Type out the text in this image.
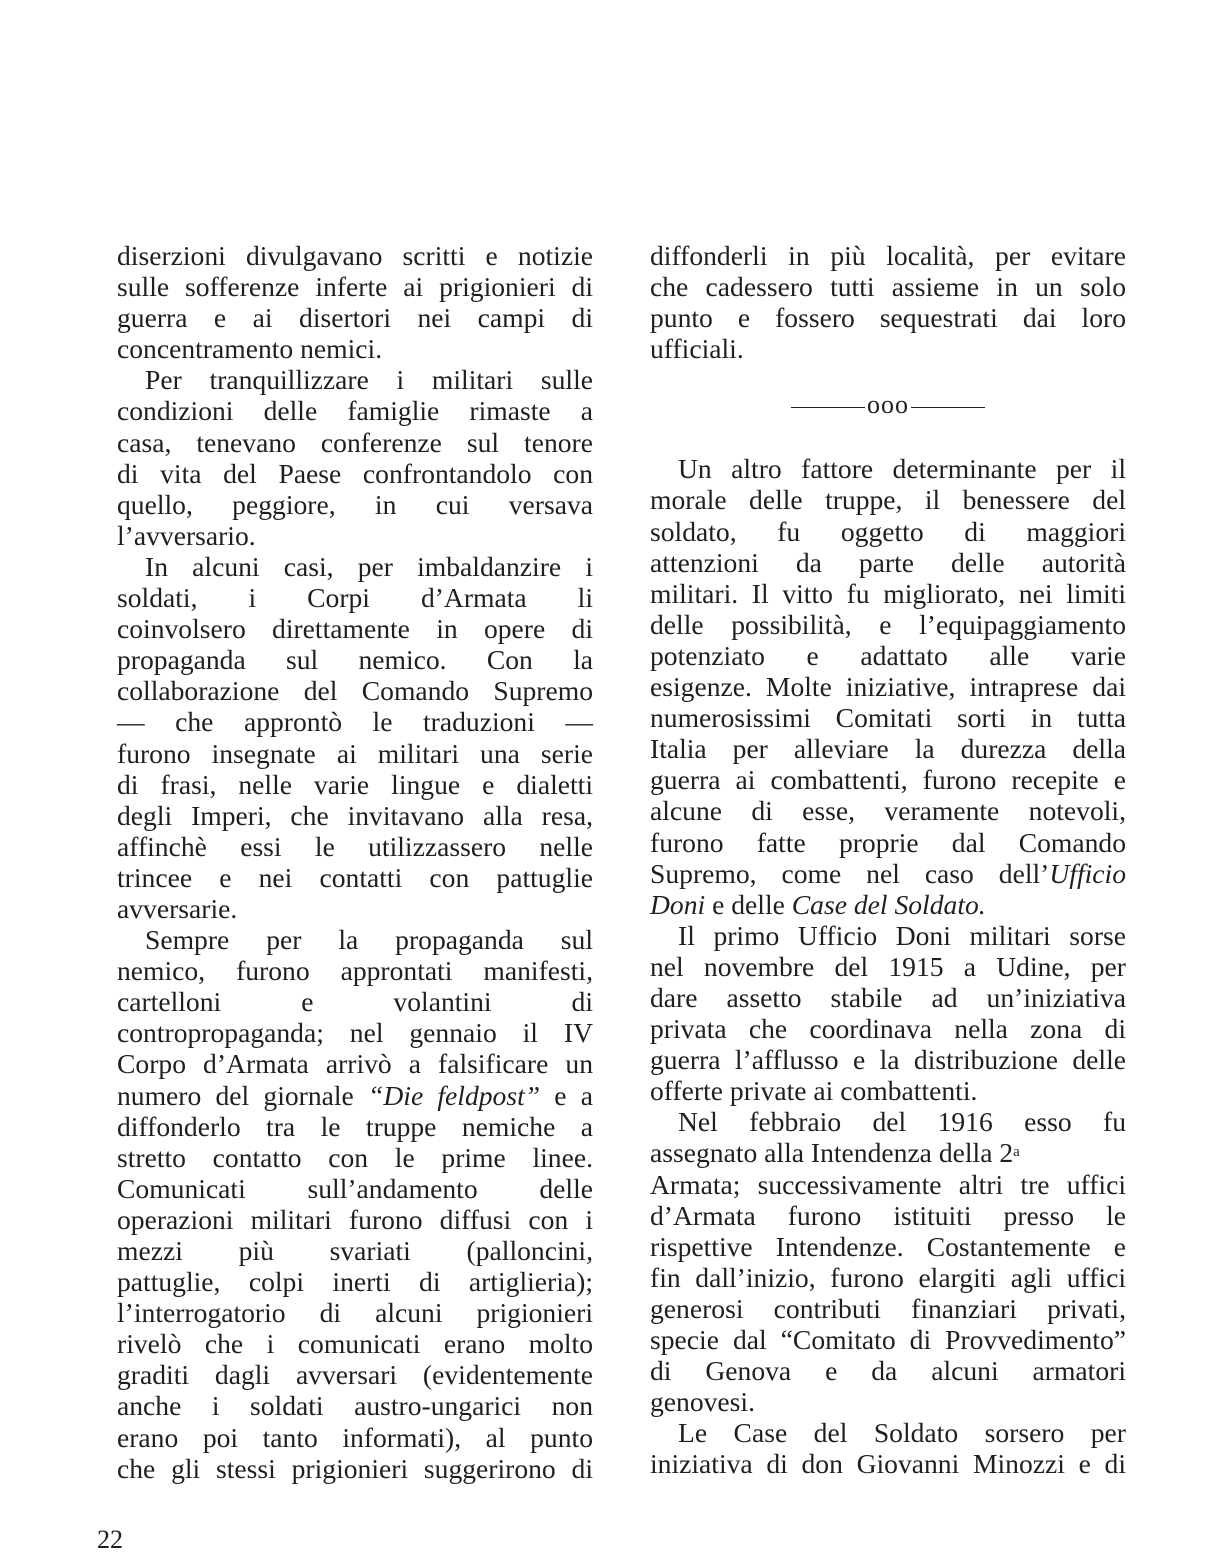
diserzioni divulgavano scritti e notizie
sulle sofferenze inferte ai prigionieri di
guerra e ai disertori nei campi di
concentramento nemici.
Per tranquillizzare i militari sulle
condizioni delle famiglie rimaste a
casa, tenevano conferenze sul tenore
di vita del Paese confrontandolo con
quello, peggiore, in cui versava
l’avversario.
In alcuni casi, per imbaldanzire i
soldati, i Corpi d’Armata li
coinvolsero direttamente in opere di
propaganda sul nemico. Con la
collaborazione del Comando Supremo
— che approntò le traduzioni —
furono insegnate ai militari una serie
di frasi, nelle varie lingue e dialetti
degli Imperi, che invitavano alla resa,
affinchè essi le utilizzassero nelle
trincee e nei contatti con pattuglie
avversarie.
Sempre per la propaganda sul
nemico, furono approntati manifesti,
cartelloni e volantini di
contropropaganda; nel gennaio il IV
Corpo d’Armata arrivò a falsificare un
numero del giornale “Die feldpost” e a
diffonderlo tra le truppe nemiche a
stretto contatto con le prime linee.
Comunicati sull’andamento delle
operazioni militari furono diffusi con i
mezzi più svariati (palloncini,
pattuglie, colpi inerti di artiglieria);
l’interrogatorio di alcuni prigionieri
rivelò che i comunicati erano molto
graditi dagli avversari (evidentemente
anche i soldati austro-ungarici non
erano poi tanto informati), al punto
che gli stessi prigionieri suggerirono di
diffonderli in più località, per evitare
che cadessero tutti assieme in un solo
punto e fossero sequestrati dai loro
ufficiali.
ooo
Un altro fattore determinante per il
morale delle truppe, il benessere del
soldato, fu oggetto di maggiori
attenzioni da parte delle autorità
militari. Il vitto fu migliorato, nei limiti
delle possibilità, e l’equipaggiamento
potenziato e adattato alle varie
esigenze. Molte iniziative, intraprese dai
numerosissimi Comitati sorti in tutta
Italia per alleviare la durezza della
guerra ai combattenti, furono recepite e
alcune di esse, veramente notevoli,
furono fatte proprie dal Comando
Supremo, come nel caso dell’Ufficio
Doni e delle Case del Soldato.
Il primo Ufficio Doni militari sorse
nel novembre del 1915 a Udine, per
dare assetto stabile ad un’iniziativa
privata che coordinava nella zona di
guerra l’afflusso e la distribuzione delle
offerte private ai combattenti.
Nel febbraio del 1916 esso fu
assegnato alla Intendenza della 2$^a$
Armata; successivamente altri tre uffici
d’Armata furono istituiti presso le
rispettive Intendenze. Costantemente e
fin dall’inizio, furono elargiti agli uffici
generosi contributi finanziari privati,
specie dal “Comitato di Provvedimento”
di Genova e da alcuni armatori
genovesi.
Le Case del Soldato sorsero per
iniziativa di don Giovanni Minozzi e di
22
